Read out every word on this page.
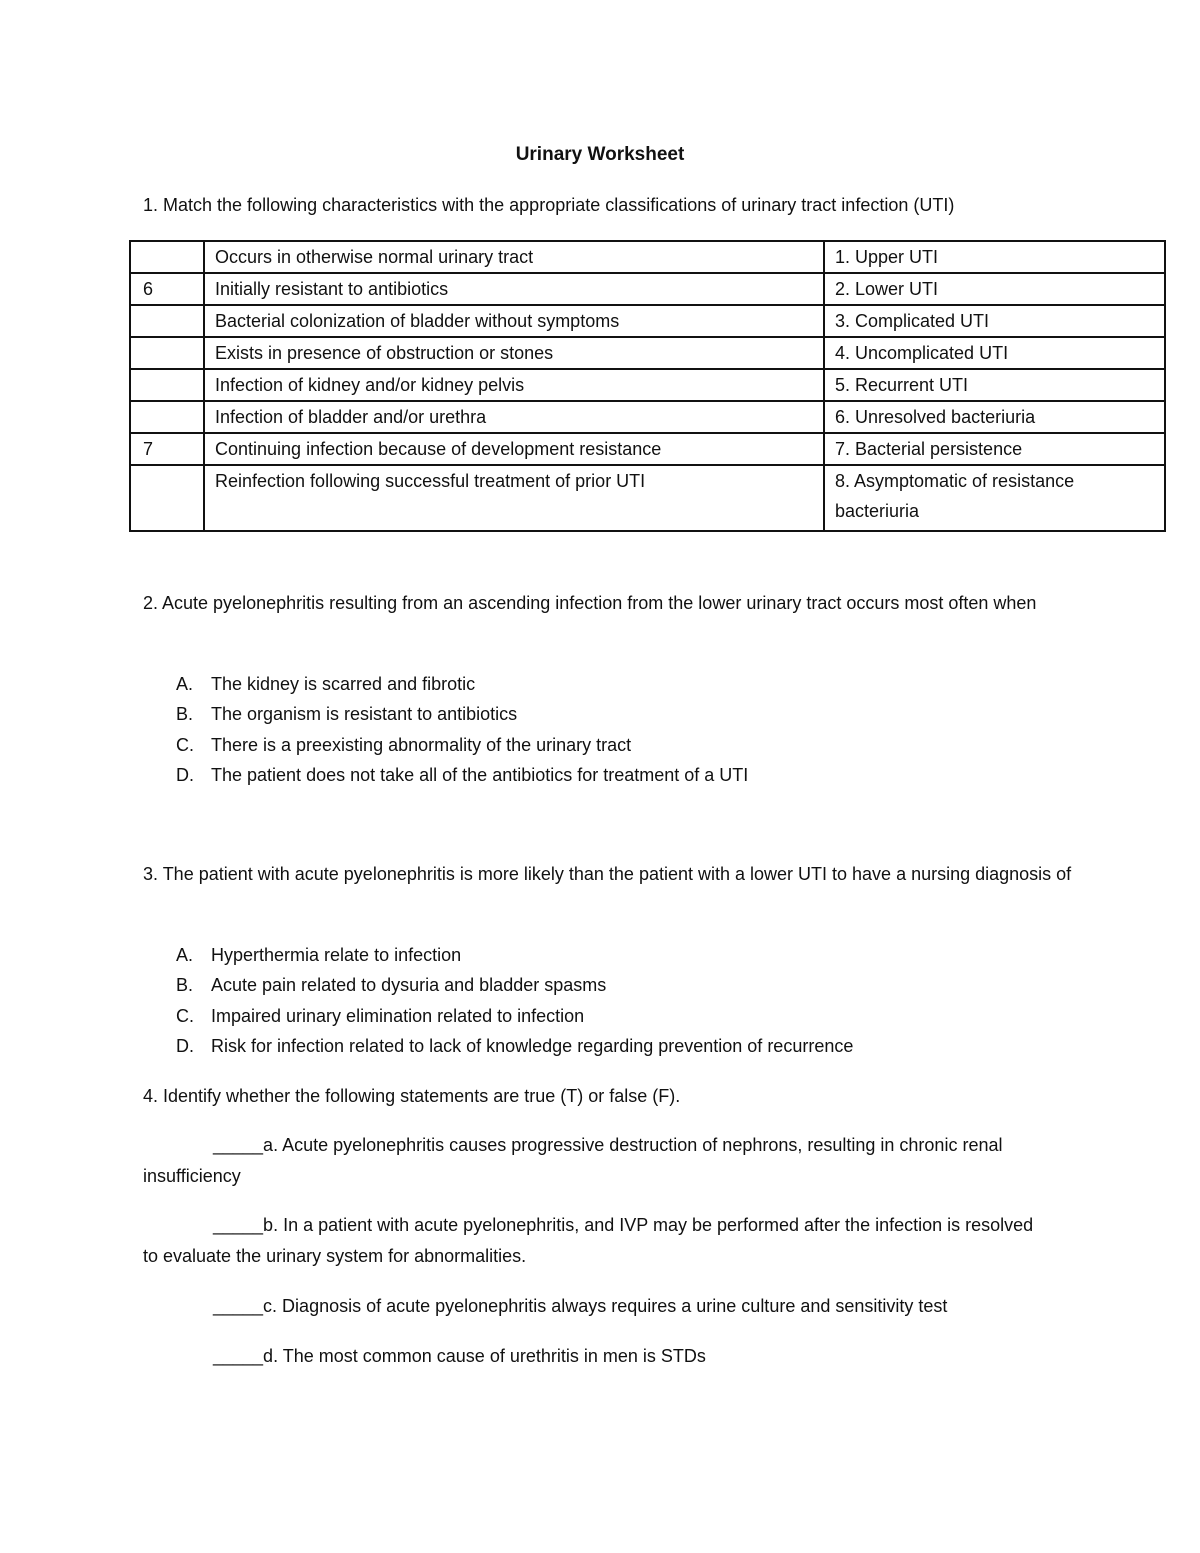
Urinary Worksheet
1. Match the following characteristics with the appropriate classifications of urinary tract infection (UTI)
	Occurs in otherwise normal urinary tract	1. Upper UTI
6	Initially resistant to antibiotics	2. Lower UTI
	Bacterial colonization of bladder without symptoms	3. Complicated UTI
	Exists in presence of obstruction or stones	4. Uncomplicated UTI
	Infection of kidney and/or kidney pelvis	5. Recurrent UTI
	Infection of bladder and/or urethra	6. Unresolved bacteriuria
7	Continuing infection because of development resistance	7. Bacterial persistence
	Reinfection following successful treatment of prior UTI	8. Asymptomatic of resistance bacteriuria
2. Acute pyelonephritis resulting from an ascending infection from the lower urinary tract occurs most often when
A. The kidney is scarred and fibrotic
B. The organism is resistant to antibiotics
C. There is a preexisting abnormality of the urinary tract
D. The patient does not take all of the antibiotics for treatment of a UTI
3. The patient with acute pyelonephritis is more likely than the patient with a lower UTI to have a nursing diagnosis of
A. Hyperthermia relate to infection
B. Acute pain related to dysuria and bladder spasms
C. Impaired urinary elimination related to infection
D. Risk for infection related to lack of knowledge regarding prevention of recurrence
4. Identify whether the following statements are true (T) or false (F).
_____a. Acute pyelonephritis causes progressive destruction of nephrons, resulting in chronic renal insufficiency
_____b. In a patient with acute pyelonephritis, and IVP may be performed after the infection is resolved to evaluate the urinary system for abnormalities.
_____c. Diagnosis of acute pyelonephritis always requires a urine culture and sensitivity test
_____d. The most common cause of urethritis in men is STDs
